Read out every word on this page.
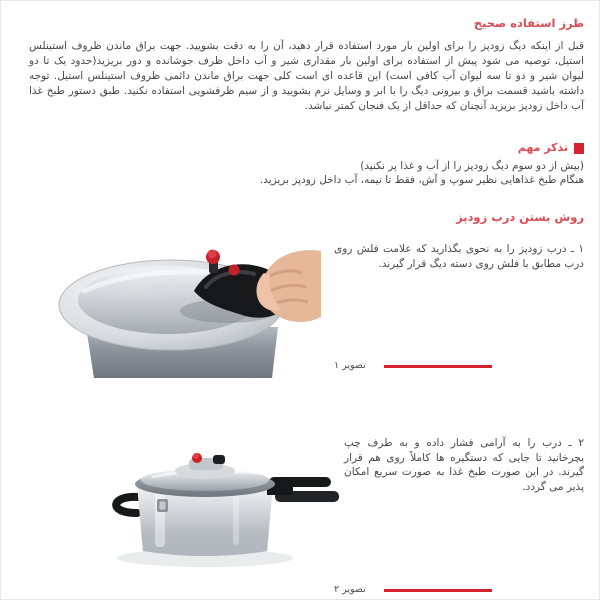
طرز استفاده صحیح
قبل از اینکه دیگ زودپز را برای اولین بار مورد استفاده قرار دهید، آن را به دقت بشویید. جهت براق ماندن ظروف استینلس استیل، توصیه می شود پیش از استفاده برای اولین بار مقداری شیر و آب داخل ظرف جوشانده و دور بریزید(حدود یک تا دو لیوان شیر و دو تا سه لیوان آب کافی است) این قاعده ای است کلی جهت براق ماندن دائمی ظروف استینلس استیل. توجه داشته باشید قسمت براق و بیرونی دیگ را با ابر و وسایل نرم بشویید و از سیم ظرفشویی استفاده نکنید. طبق دستور طبخ غذا آب داخل زودپز بریزید آنچنان که حداقل از یک فنجان کمتر نباشد.
تذکر مهم
(بیش از دو سوم دیگ زودپز را از آب و غذا پر نکنید)
هنگام طبخ غذاهایی نظیر سوپ و آش، فقط تا نیمه، آب داخل زودپز بریزید.
روش بستن درب زودپز
۱ ـ درب زودپز را به نحوی بگذارید که علامت فلش روی درب مطابق با فلش روی دسته دیگ قرار گیرند.
تصویر ۱
۲ ـ درب را به آرامی فشار داده و به طرف چپ بچرخانید تا جایی که دستگیره ها کاملاً روی هم قرار گیرند. در این صورت طبخ غذا به صورت سریع امکان پذیر می گردد.
تصویر ۲
